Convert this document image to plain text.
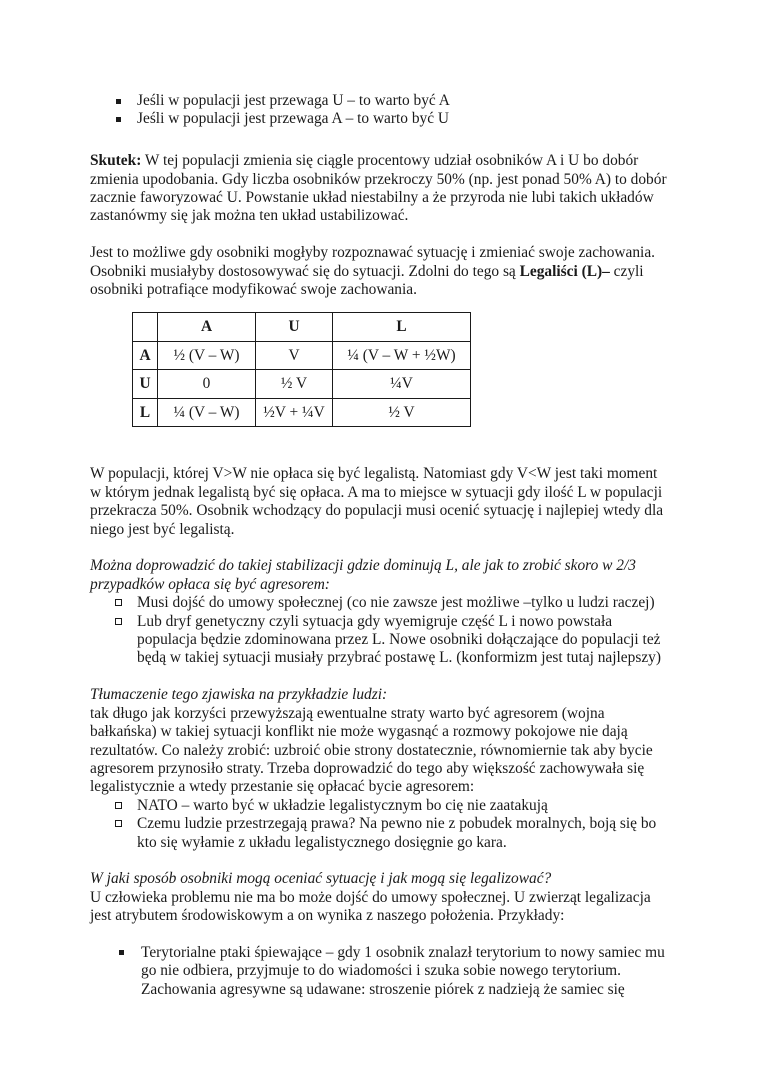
Jeśli w populacji jest przewaga U – to warto być A
Jeśli w populacji jest przewaga A – to warto być U

Skutek: W tej populacji zmienia się ciągle procentowy udział osobników A i U bo dobór zmienia upodobania. Gdy liczba osobników przekroczy 50% (np. jest ponad 50% A) to dobór zacznie faworyzować U. Powstanie układ niestabilny a że przyroda nie lubi takich układów zastanówmy się jak można ten układ ustabilizować.

Jest to możliwe gdy osobniki mogłyby rozpoznawać sytuację i zmieniać swoje zachowania. Osobniki musiałyby dostosowywać się do sytuacji. Zdolni do tego są Legaliści (L)– czyli osobniki potrafiące modyfikować swoje zachowania.

	A	U	L
A	½ (V – W)	V	¼ (V – W + ½W)
U	0	½ V	¼V
L	¼ (V – W)	½V + ¼V	½ V

W populacji, której V>W nie opłaca się być legalistą. Natomiast gdy V<W jest taki moment w którym jednak legalistą być się opłaca. A ma to miejsce w sytuacji gdy ilość L w populacji przekracza 50%. Osobnik wchodzący do populacji musi ocenić sytuację i najlepiej wtedy dla niego jest być legalistą.

Można doprowadzić do takiej stabilizacji gdzie dominują L, ale jak to zrobić skoro w 2/3 przypadków opłaca się być agresorem:

Musi dojść do umowy społecznej (co nie zawsze jest możliwe –tylko u ludzi raczej)
Lub dryf genetyczny czyli sytuacja gdy wyemigruje część L i nowo powstała populacja będzie zdominowana przez L. Nowe osobniki dołączające do populacji też będą w takiej sytuacji musiały przybrać postawę L. (konformizm jest tutaj najlepszy)

Tłumaczenie tego zjawiska na przykładzie ludzi:

tak długo jak korzyści przewyższają ewentualne straty warto być agresorem (wojna bałkańska) w takiej sytuacji konflikt nie może wygasnąć a rozmowy pokojowe nie dają rezultatów. Co należy zrobić: uzbroić obie strony dostatecznie, równomiernie tak aby bycie agresorem przynosiło straty. Trzeba doprowadzić do tego aby większość zachowywała się legalistycznie a wtedy przestanie się opłacać bycie agresorem:

NATO – warto być w układzie legalistycznym bo cię nie zaatakują
Czemu ludzie przestrzegają prawa? Na pewno nie z pobudek moralnych, boją się bo kto się wyłamie z układu legalistycznego dosięgnie go kara.

W jaki sposób osobniki mogą oceniać sytuację i jak mogą się legalizować?

U człowieka problemu nie ma bo może dojść do umowy społecznej. U zwierząt legalizacja jest atrybutem środowiskowym a on wynika z naszego położenia. Przykłady:

Terytorialne ptaki śpiewające – gdy 1 osobnik znalazł terytorium to nowy samiec mu go nie odbiera, przyjmuje to do wiadomości i szuka sobie nowego terytorium. Zachowania agresywne są udawane: stroszenie piórek z nadzieją że samiec się
